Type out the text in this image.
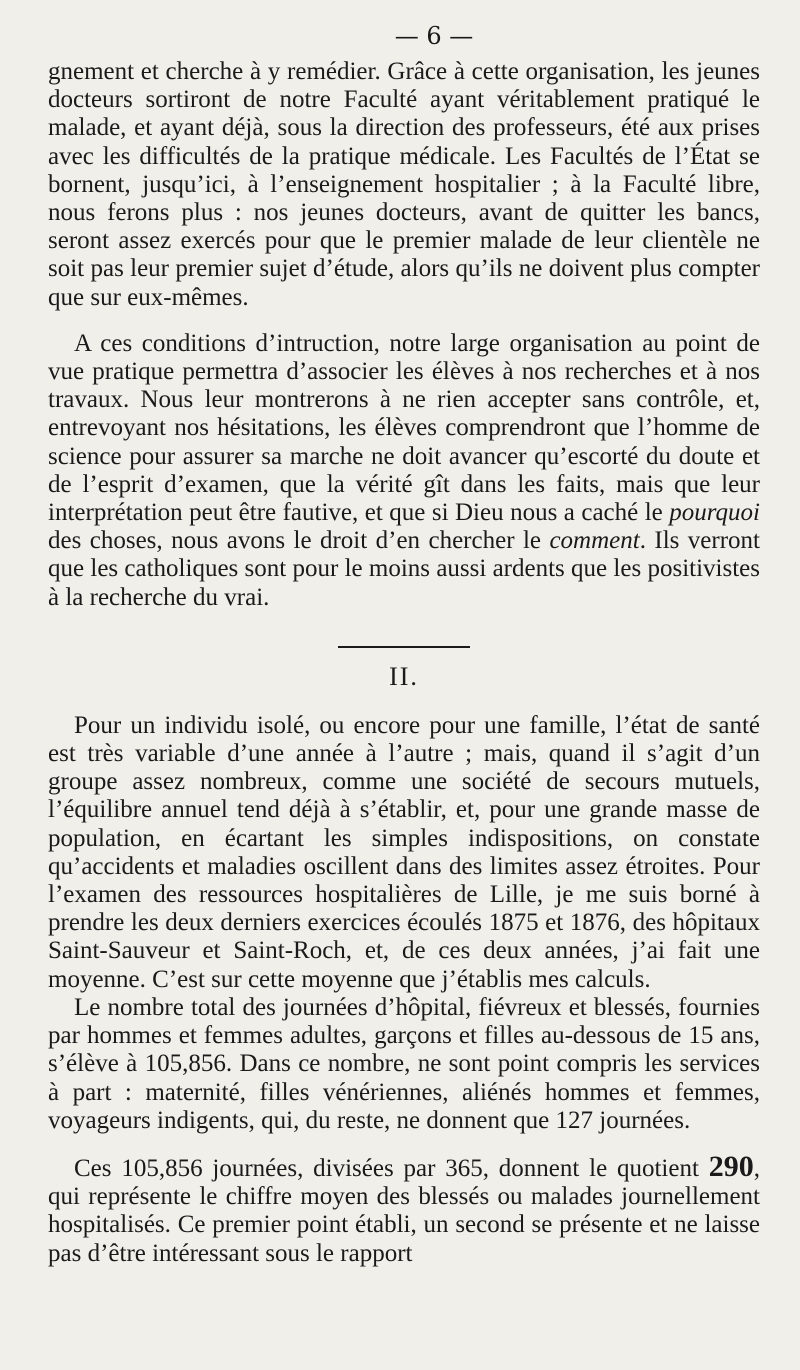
— 6 —

gnement et cherche à y remédier. Grâce à cette organisation, les jeunes docteurs sortiront de notre Faculté ayant véritablement pratiqué le malade, et ayant déjà, sous la direction des professeurs, été aux prises avec les difficultés de la pratique médicale. Les Facultés de l’État se bornent, jusqu’ici, à l’enseignement hospitalier ; à la Faculté libre, nous ferons plus : nos jeunes docteurs, avant de quitter les bancs, seront assez exercés pour que le premier malade de leur clientèle ne soit pas leur premier sujet d’étude, alors qu’ils ne doivent plus compter que sur eux-mêmes.

A ces conditions d’intruction, notre large organisation au point de vue pratique permettra d’associer les élèves à nos recherches et à nos travaux. Nous leur montrerons à ne rien accepter sans contrôle, et, entrevoyant nos hésitations, les élèves comprendront que l’homme de science pour assurer sa marche ne doit avancer qu’escorté du doute et de l’esprit d’examen, que la vérité gît dans les faits, mais que leur interprétation peut être fautive, et que si Dieu nous a caché le pourquoi des choses, nous avons le droit d’en chercher le comment. Ils verront que les catholiques sont pour le moins aussi ardents que les positivistes à la recherche du vrai.

II.

Pour un individu isolé, ou encore pour une famille, l’état de santé est très variable d’une année à l’autre ; mais, quand il s’agit d’un groupe assez nombreux, comme une société de secours mutuels, l’équilibre annuel tend déjà à s’établir, et, pour une grande masse de population, en écartant les simples indispositions, on constate qu’accidents et maladies oscillent dans des limites assez étroites. Pour l’examen des ressources hospitalières de Lille, je me suis borné à prendre les deux derniers exercices écoulés 1875 et 1876, des hôpitaux Saint-Sauveur et Saint-Roch, et, de ces deux années, j’ai fait une moyenne. C’est sur cette moyenne que j’établis mes calculs.

Le nombre total des journées d’hôpital, fiévreux et blessés, fournies par hommes et femmes adultes, garçons et filles au-dessous de 15 ans, s’élève à 105,856. Dans ce nombre, ne sont point compris les services à part : maternité, filles vénériennes, aliénés hommes et femmes, voyageurs indigents, qui, du reste, ne donnent que 127 journées.

Ces 105,856 journées, divisées par 365, donnent le quotient 290, qui représente le chiffre moyen des blessés ou malades journellement hospitalisés. Ce premier point établi, un second se présente et ne laisse pas d’être intéressant sous le rapport
